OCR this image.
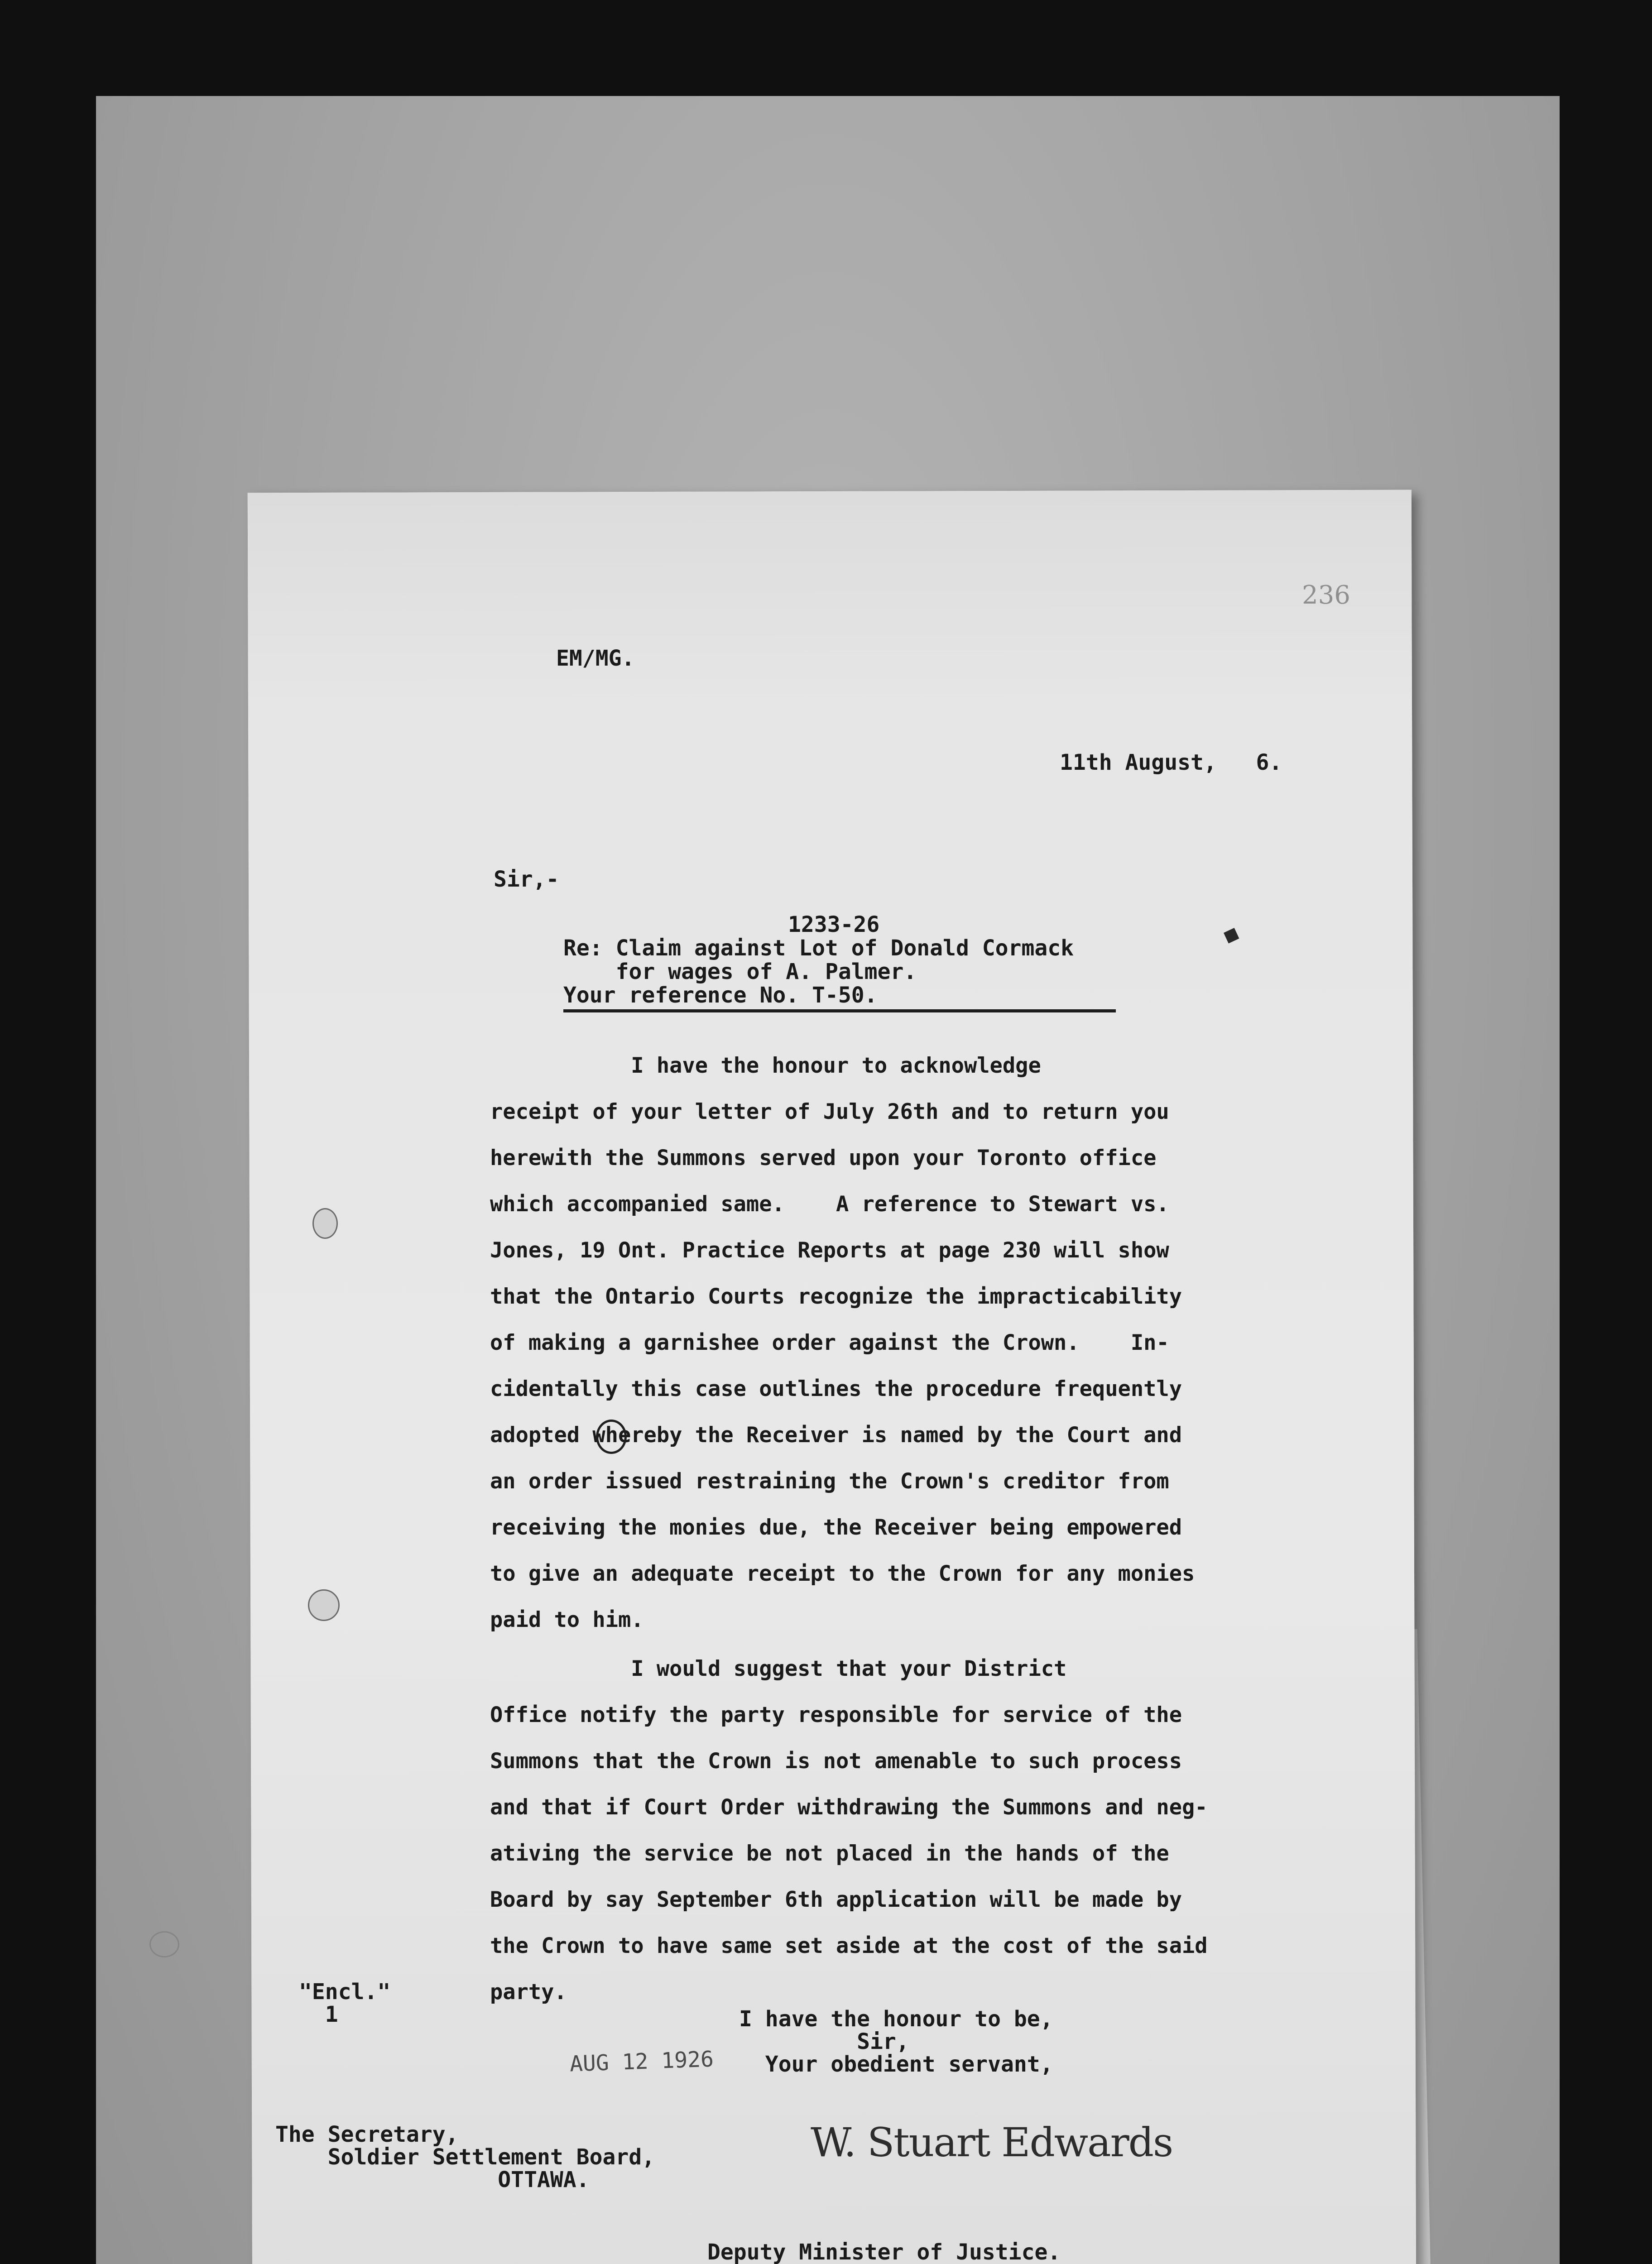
236

EM/MG.

11th August,   6.

Sir,-

1233-26	◆

Re: Claim against Lot of Donald Cormack

for wages of A. Palmer.

Your reference No. T-50.

I have the honour to acknowledge

receipt of your letter of July 26th and to return you

herewith the Summons served upon your Toronto office

which accompanied same.    A reference to Stewart vs.

Jones, 19 Ont. Practice Reports at page 230 will show

that the Ontario Courts recognize the impracticability

of making a garnishee order against the Crown.    In-

cidentally this case outlines the procedure frequently

adopted whereby the Receiver is named by the Court and

an order issued restraining the Crown's creditor from

receiving the monies due, the Receiver being empowered

to give an adequate receipt to the Crown for any monies

paid to him.

I would suggest that your District

Office notify the party responsible for service of the

Summons that the Crown is not amenable to such process

and that if Court Order withdrawing the Summons and neg-

ativing the service be not placed in the hands of the

Board by say September 6th application will be made by

the Crown to have same set aside at the cost of the said

party.

"Encl."

1	I have the honour to be,

Sir,

Your obedient servant,

AUG 12 1926

The Secretary,

Soldier Settlement Board,

OTTAWA.

W. Stuart Edwards

Deputy Minister of Justice.
